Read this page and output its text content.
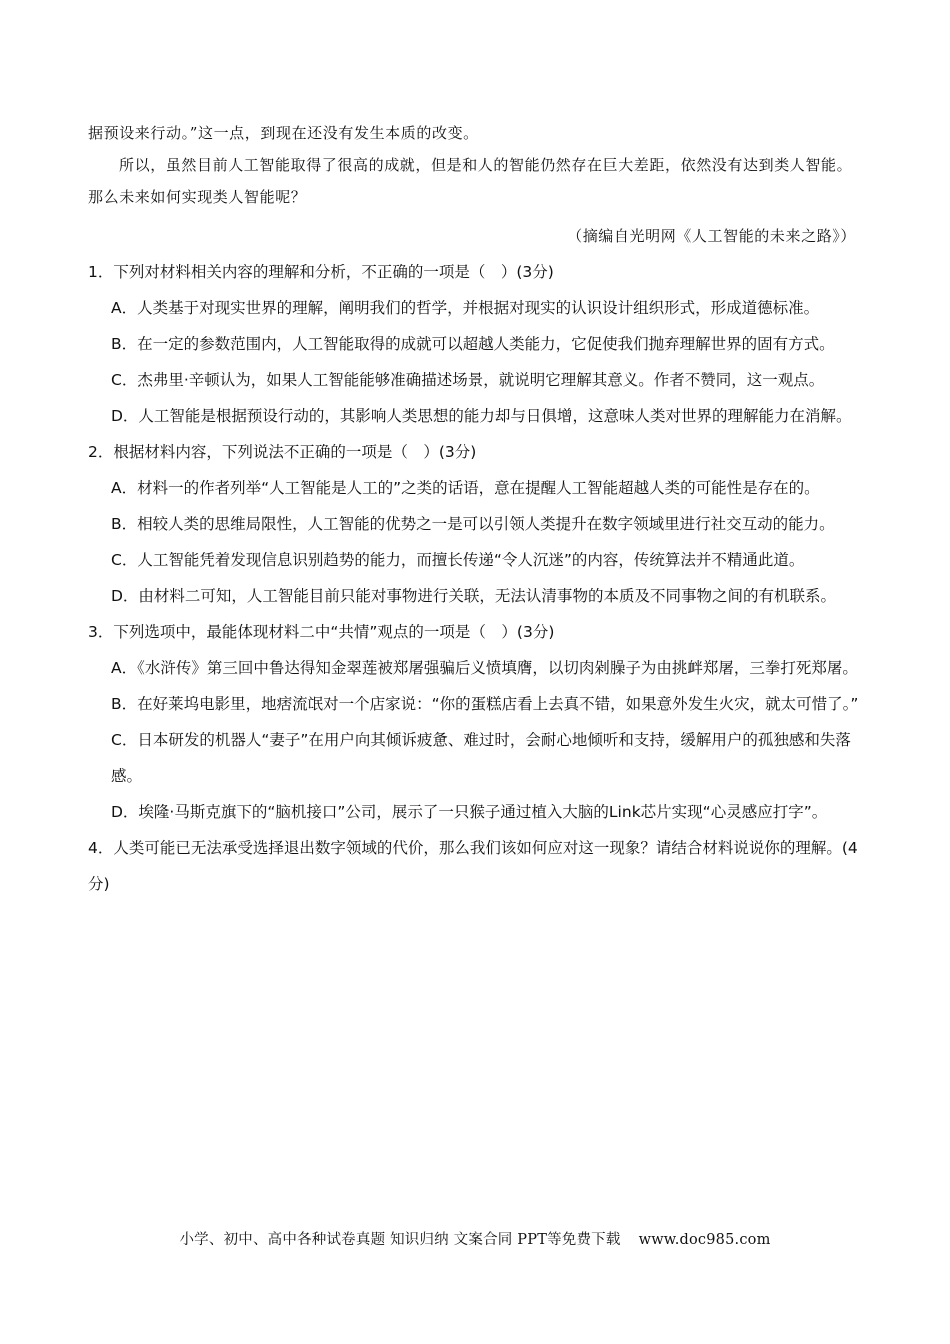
据预设来行动。”这一点，到现在还没有发生本质的改变。

所以，虽然目前人工智能取得了很高的成就，但是和人的智能仍然存在巨大差距，依然没有达到类人智能。那么未来如何实现类人智能呢？

（摘编自光明网《人工智能的未来之路》）

1．下列对材料相关内容的理解和分析，不正确的一项是（　）(3分)

A．人类基于对现实世界的理解，阐明我们的哲学，并根据对现实的认识设计组织形式，形成道德标准。

B．在一定的参数范围内，人工智能取得的成就可以超越人类能力，它促使我们抛弃理解世界的固有方式。

C．杰弗里·辛顿认为，如果人工智能能够准确描述场景，就说明它理解其意义。作者不赞同，这一观点。

D．人工智能是根据预设行动的，其影响人类思想的能力却与日俱增，这意味人类对世界的理解能力在消解。

2．根据材料内容，下列说法不正确的一项是（　）(3分)

A．材料一的作者列举“人工智能是人工的”之类的话语，意在提醒人工智能超越人类的可能性是存在的。

B．相较人类的思维局限性，人工智能的优势之一是可以引领人类提升在数字领域里进行社交互动的能力。

C．人工智能凭着发现信息识别趋势的能力，而擅长传递“令人沉迷”的内容，传统算法并不精通此道。

D．由材料二可知，人工智能目前只能对事物进行关联，无法认清事物的本质及不同事物之间的有机联系。

3．下列选项中，最能体现材料二中“共情”观点的一项是（　）(3分)

A．《水浒传》第三回中鲁达得知金翠莲被郑屠强骗后义愤填膺，以切肉剁臊子为由挑衅郑屠，三拳打死郑屠。

B．在好莱坞电影里，地痞流氓对一个店家说：“你的蛋糕店看上去真不错，如果意外发生火灾，就太可惜了。”

C．日本研发的机器人“妻子”在用户向其倾诉疲惫、难过时，会耐心地倾听和支持，缓解用户的孤独感和失落感。

D．埃隆·马斯克旗下的“脑机接口”公司，展示了一只猴子通过植入大脑的Link芯片实现“心灵感应打字”。

4．人类可能已无法承受选择退出数字领域的代价，那么我们该如何应对这一现象？请结合材料说说你的理解。(4分)

小学、初中、高中各种试卷真题 知识归纳 文案合同 PPT等免费下载 www.doc985.com
